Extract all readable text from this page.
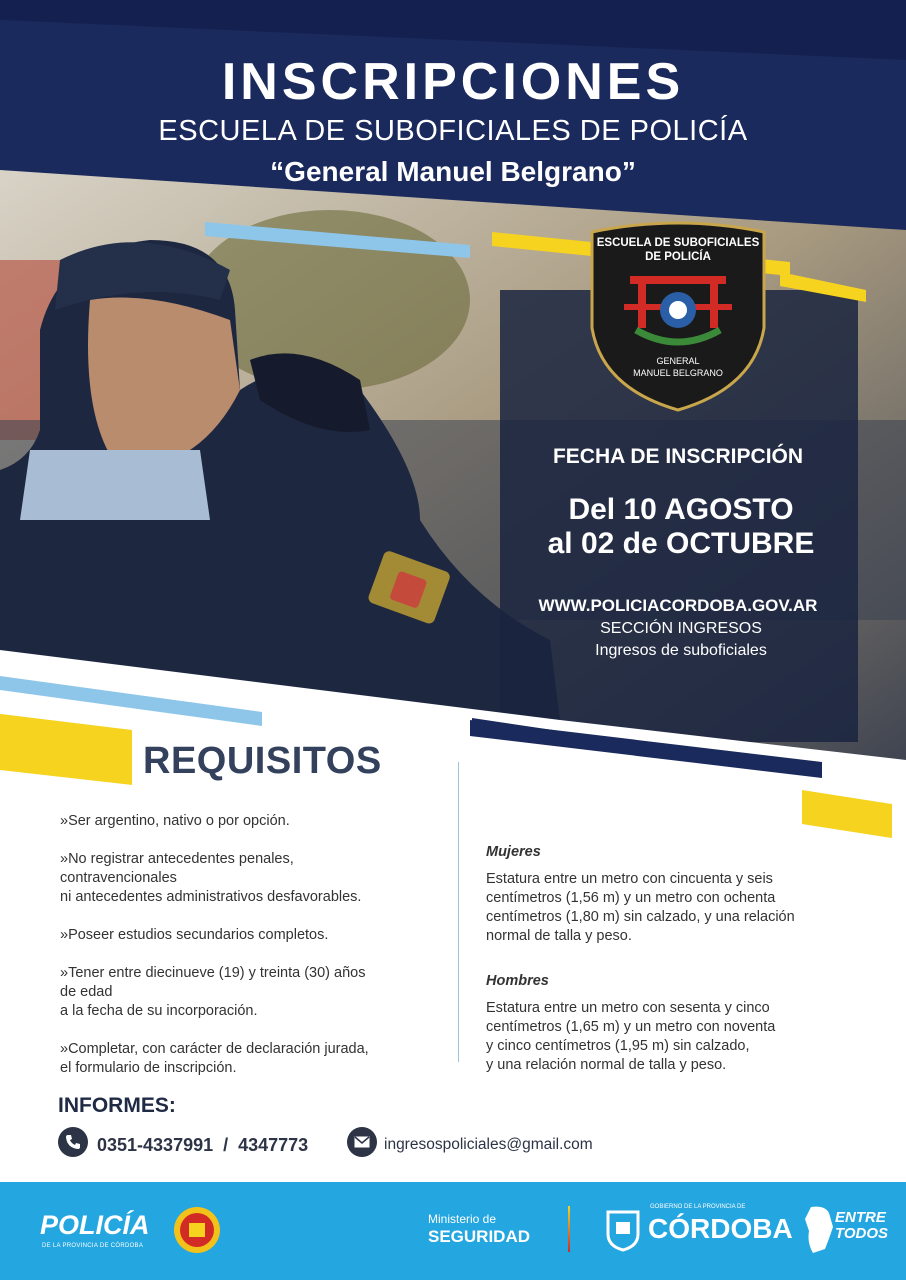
INSCRIPCIONES
ESCUELA DE SUBOFICIALES DE POLICÍA
“General Manuel Belgrano”
ESCUELA DE SUBOFICIALES
DE POLICÍA
GENERAL
MANUEL BELGRANO
FECHA DE INSCRIPCIÓN
Del 10 AGOSTO
al 02 de OCTUBRE
WWW.POLICIACORDOBA.GOV.AR
SECCIÓN INGRESOS
Ingresos de suboficiales
REQUISITOS
»Ser argentino, nativo o por opción.
»No registrar antecedentes penales,
contravencionales
ni antecedentes administrativos desfavorables.
»Poseer estudios secundarios completos.
»Tener entre diecinueve (19) y treinta (30) años
de edad
a la fecha de su incorporación.
»Completar, con carácter de declaración jurada,
el formulario de inscripción.
Mujeres
Estatura entre un metro con cincuenta y seis
centímetros (1,56 m) y un metro con ochenta
centímetros (1,80 m) sin calzado, y una relación
normal de talla y peso.
Hombres
Estatura entre un metro con sesenta y cinco
centímetros (1,65 m) y un metro con noventa
y cinco centímetros (1,95 m) sin calzado,
y una relación normal de talla y peso.
INFORMES:
0351-4337991  /  4347773	ingresospoliciales@gmail.com
POLICÍA
DE LA PROVINCIA DE CÓRDOBA
Ministerio de
SEGURIDAD
GOBIERNO DE LA PROVINCIA DE
CÓRDOBA	ENTRE
TODOS
